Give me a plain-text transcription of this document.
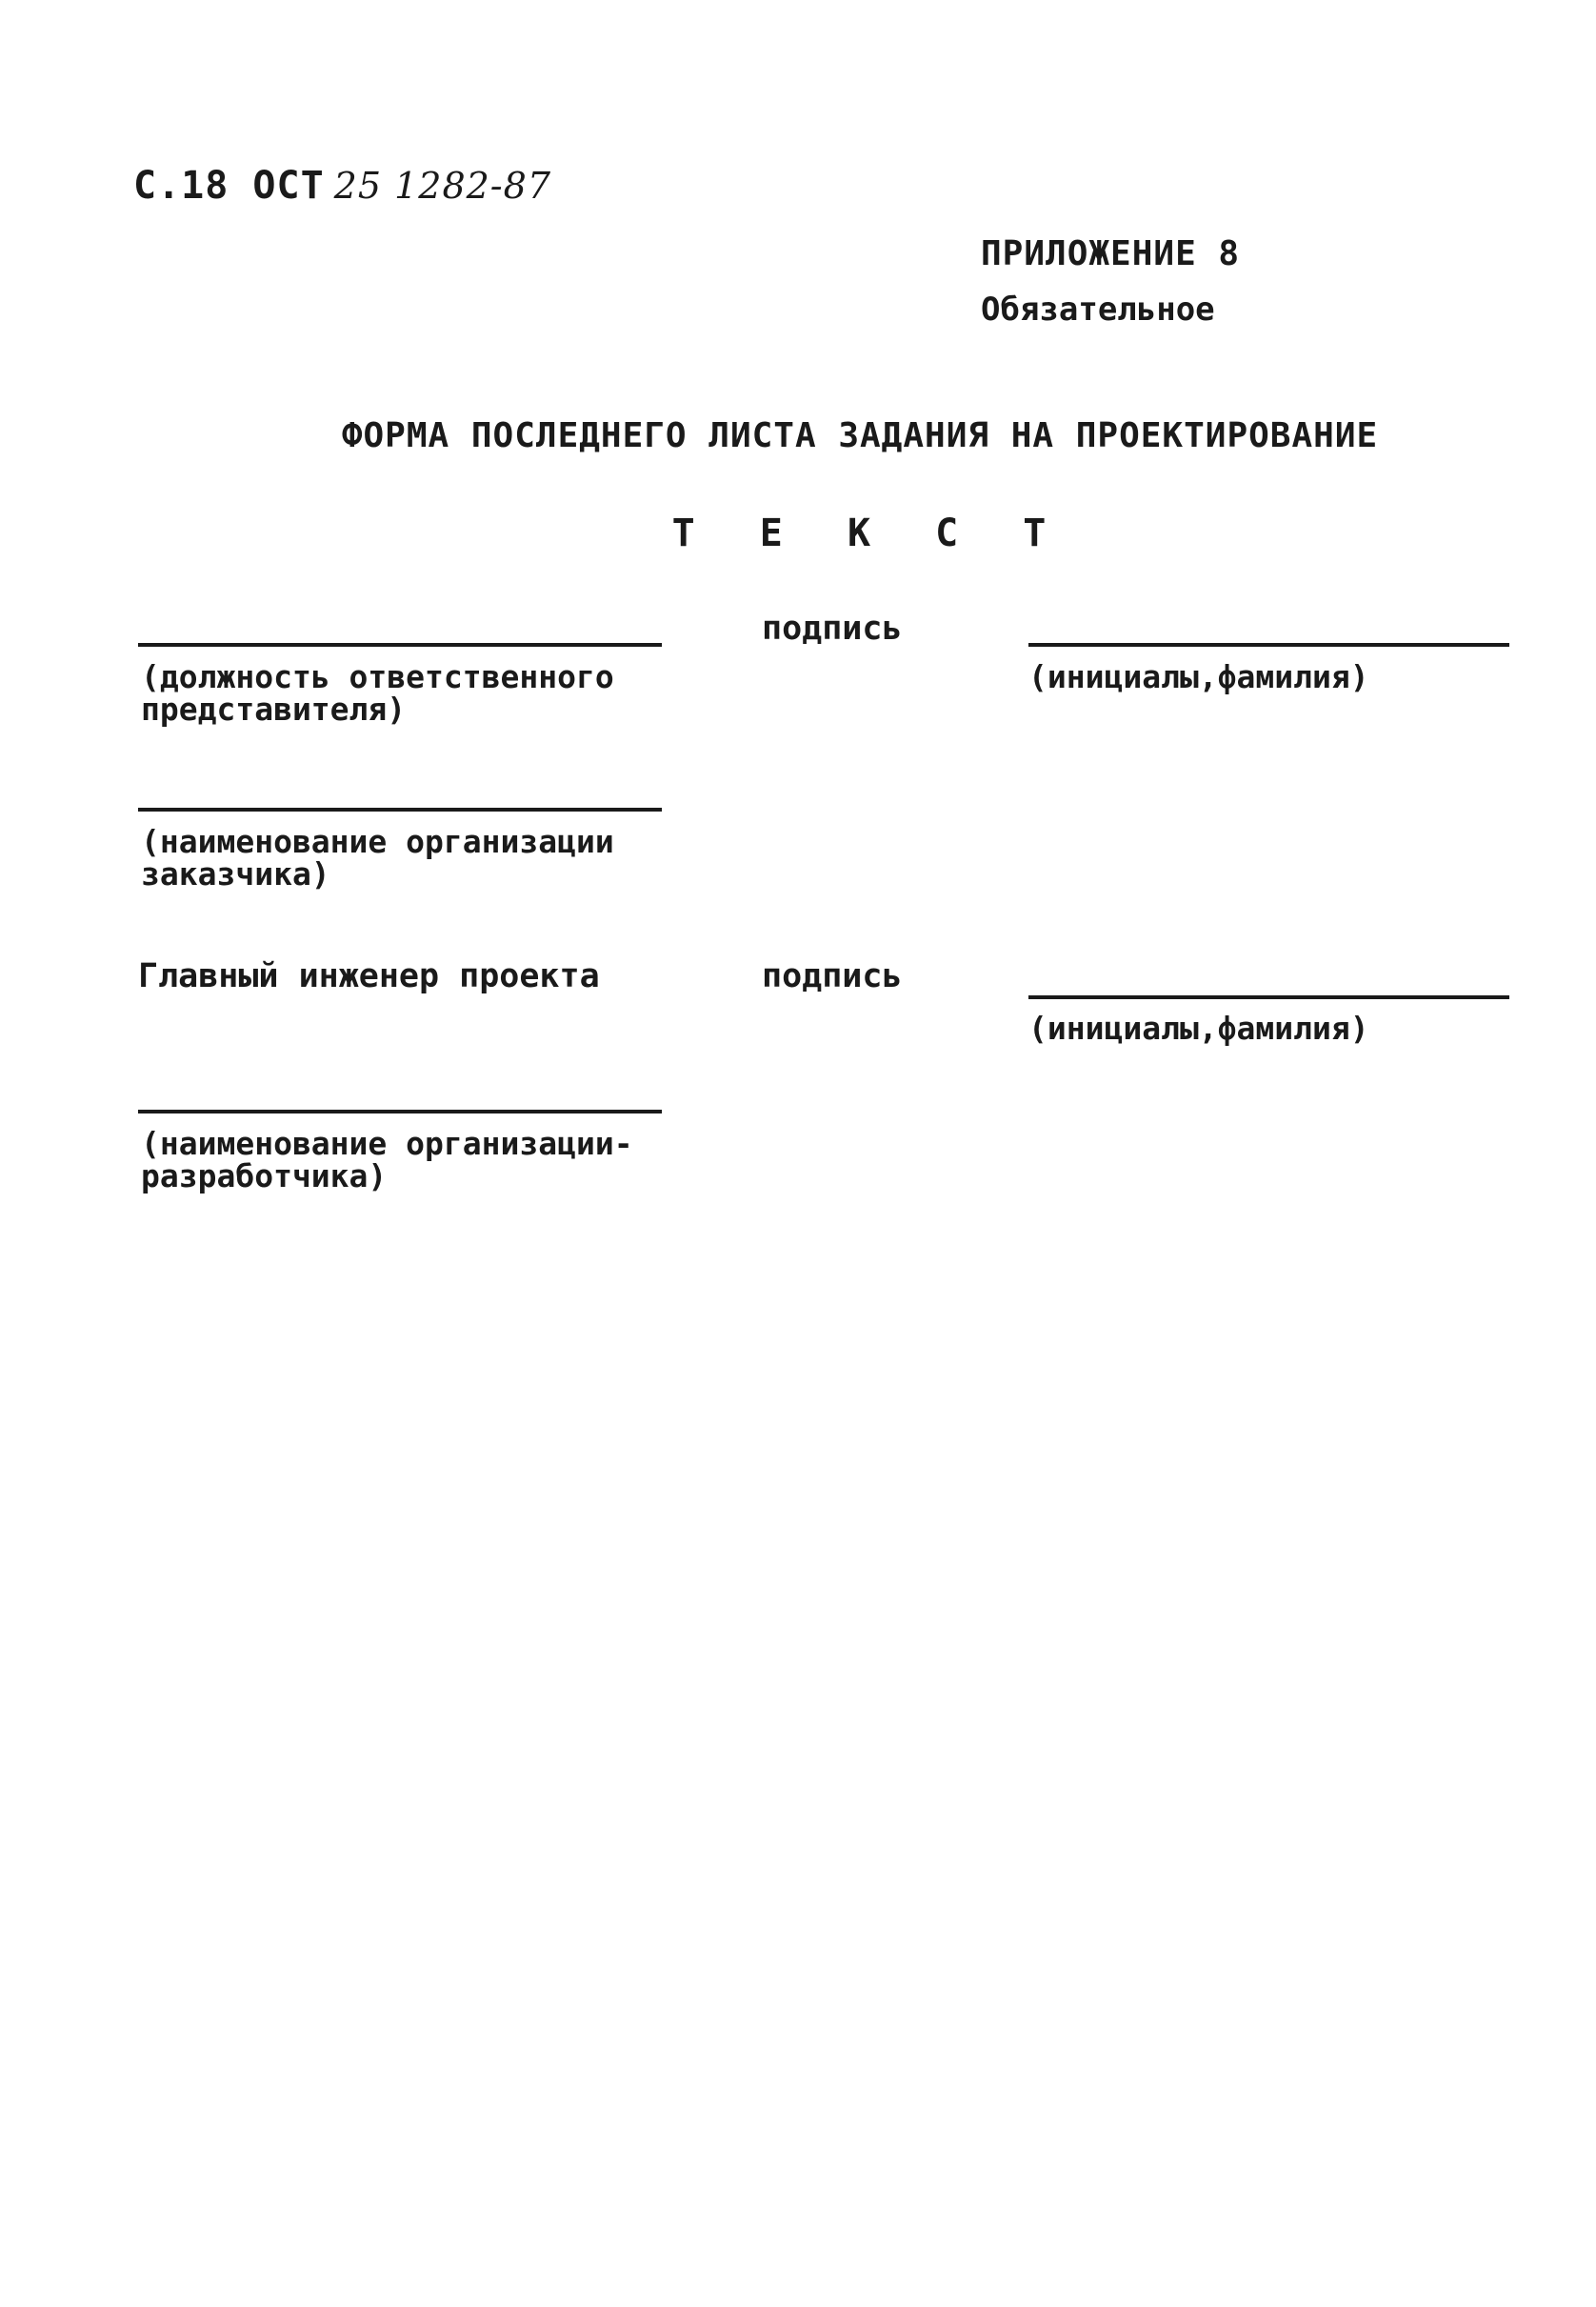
С.18 ОСТ 25 1282-87
ПРИЛОЖЕНИЕ 8
Обязательное
ФОРМА ПОСЛЕДНЕГО ЛИСТА ЗАДАНИЯ НА ПРОЕКТИРОВАНИЕ
Т Е К С Т
подпись
(должность ответственного
представителя)
(инициалы,фамилия)
(наименование организации
заказчика)
Главный инженер проекта	подпись
(инициалы,фамилия)
(наименование организации-
разработчика)
